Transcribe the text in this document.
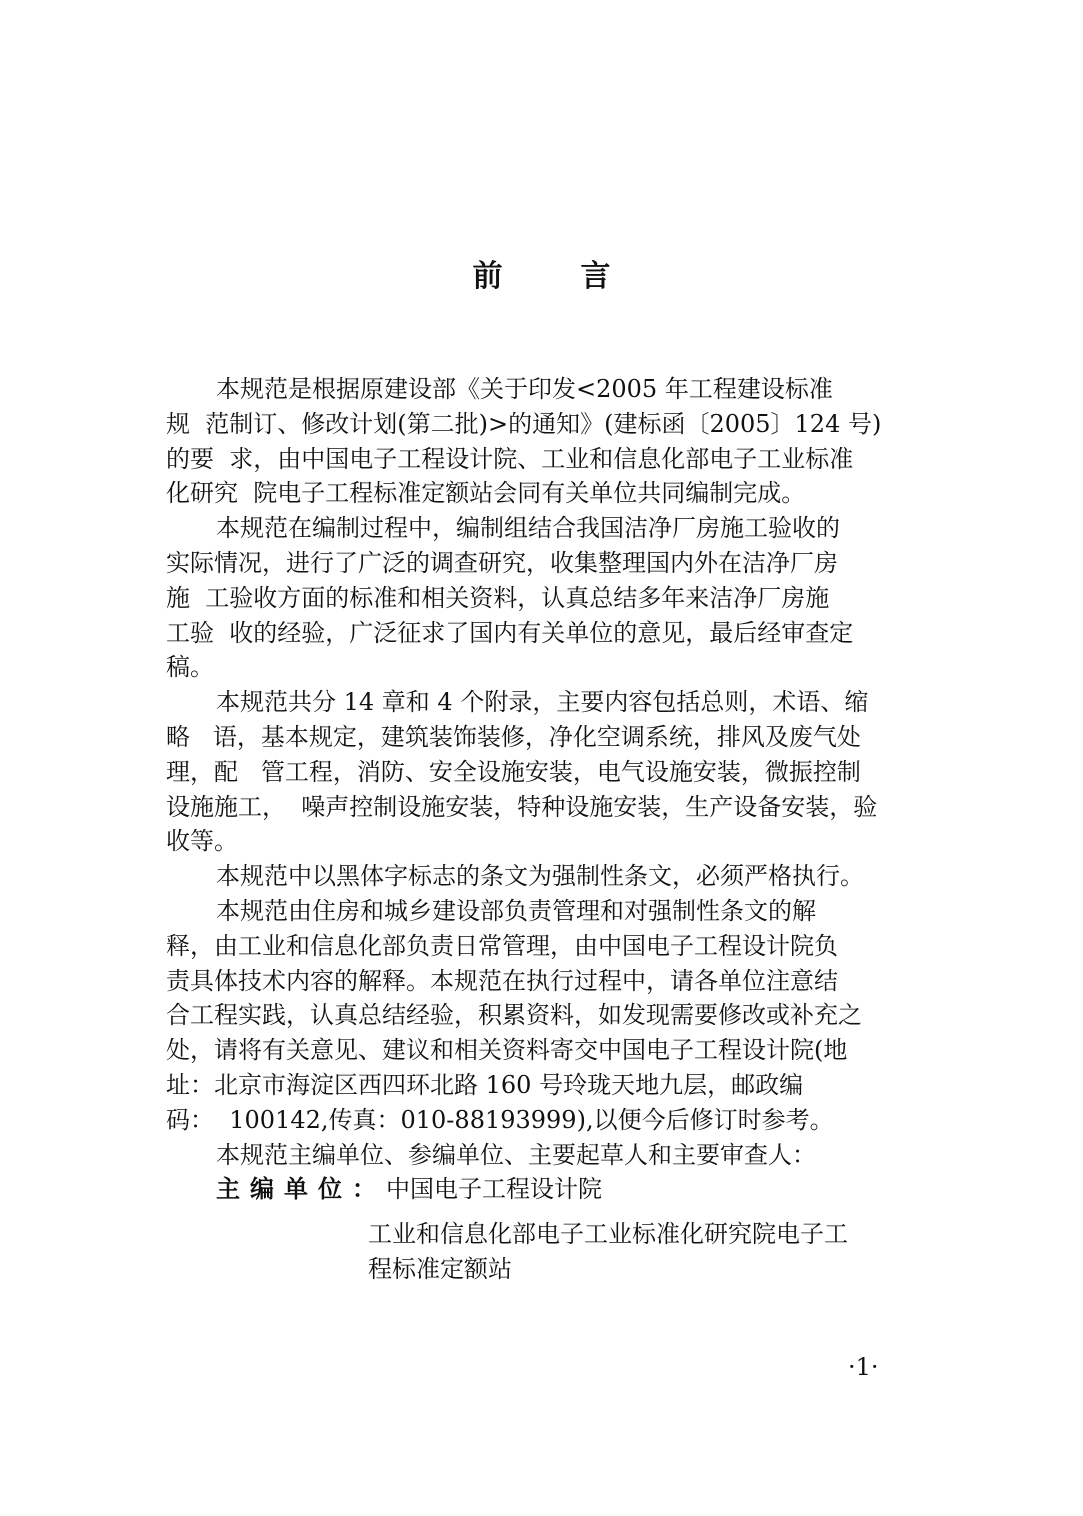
前言
本规范是根据原建设部《关于印发<2005 年工程建设标准
规  范制订、修改计划(第二批)>的通知》(建标函〔2005〕124 号)
的要  求，由中国电子工程设计院、工业和信息化部电子工业标准
化研究  院电子工程标准定额站会同有关单位共同编制完成。
本规范在编制过程中，编制组结合我国洁净厂房施工验收的
实际情况，进行了广泛的调查研究，收集整理国内外在洁净厂房
施  工验收方面的标准和相关资料，认真总结多年来洁净厂房施
工验  收的经验，广泛征求了国内有关单位的意见，最后经审查定
稿。
本规范共分 14 章和 4 个附录，主要内容包括总则，术语、缩
略   语，基本规定，建筑装饰装修，净化空调系统，排风及废气处
理，配   管工程，消防、安全设施安装，电气设施安装，微振控制
设施施工，  噪声控制设施安装，特种设施安装，生产设备安装，验
收等。
本规范中以黑体字标志的条文为强制性条文，必须严格执行。
本规范由住房和城乡建设部负责管理和对强制性条文的解
释，由工业和信息化部负责日常管理，由中国电子工程设计院负
责具体技术内容的解释。本规范在执行过程中，请各单位注意结
合工程实践，认真总结经验，积累资料，如发现需要修改或补充之
处，请将有关意见、建议和相关资料寄交中国电子工程设计院(地
址：北京市海淀区西四环北路 160 号玲珑天地九层，邮政编
码：  100142,传真：010-88193999),以便今后修订时参考。
本规范主编单位、参编单位、主要起草人和主要审查人：
主编单位：中国电子工程设计院
工业和信息化部电子工业标准化研究院电子工
程标准定额站
·1·
